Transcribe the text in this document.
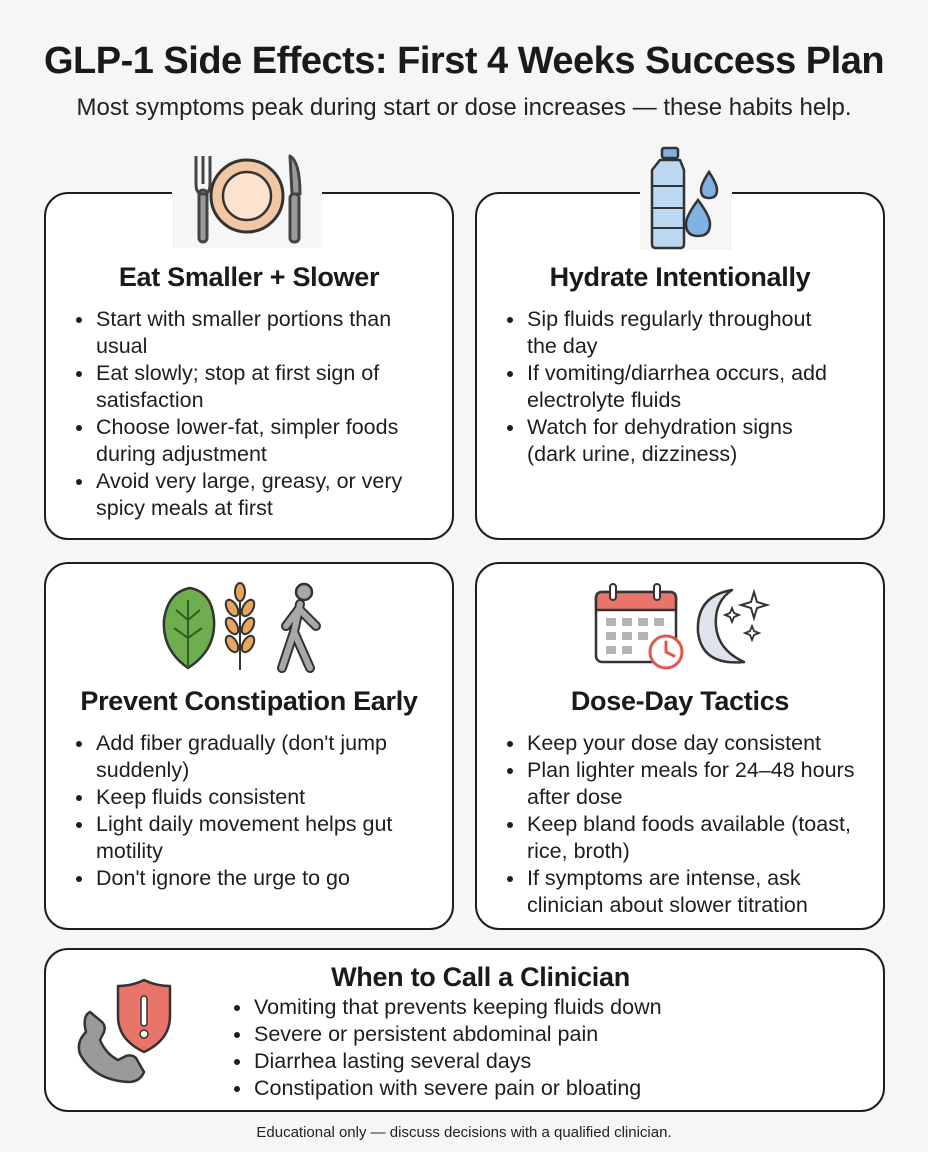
GLP-1 Side Effects: First 4 Weeks Success Plan
Most symptoms peak during start or dose increases — these habits help.
Eat Smaller + Slower
Start with smaller portions than
usual
Eat slowly; stop at first sign of
satisfaction
Choose lower-fat, simpler foods
during adjustment
Avoid very large, greasy, or very
spicy meals at first
Hydrate Intentionally
Sip fluids regularly throughout
the day
If vomiting/diarrhea occurs, add
electrolyte fluids
Watch for dehydration signs
(dark urine, dizziness)
Prevent Constipation Early
Add fiber gradually (don't jump
suddenly)
Keep fluids consistent
Light daily movement helps gut
motility
Don't ignore the urge to go
Dose-Day Tactics
Keep your dose day consistent
Plan lighter meals for 24–48 hours
after dose
Keep bland foods available (toast,
rice, broth)
If symptoms are intense, ask
clinician about slower titration
When to Call a Clinician
Vomiting that prevents keeping fluids down
Severe or persistent abdominal pain
Diarrhea lasting several days
Constipation with severe pain or bloating
Educational only — discuss decisions with a qualified clinician.
